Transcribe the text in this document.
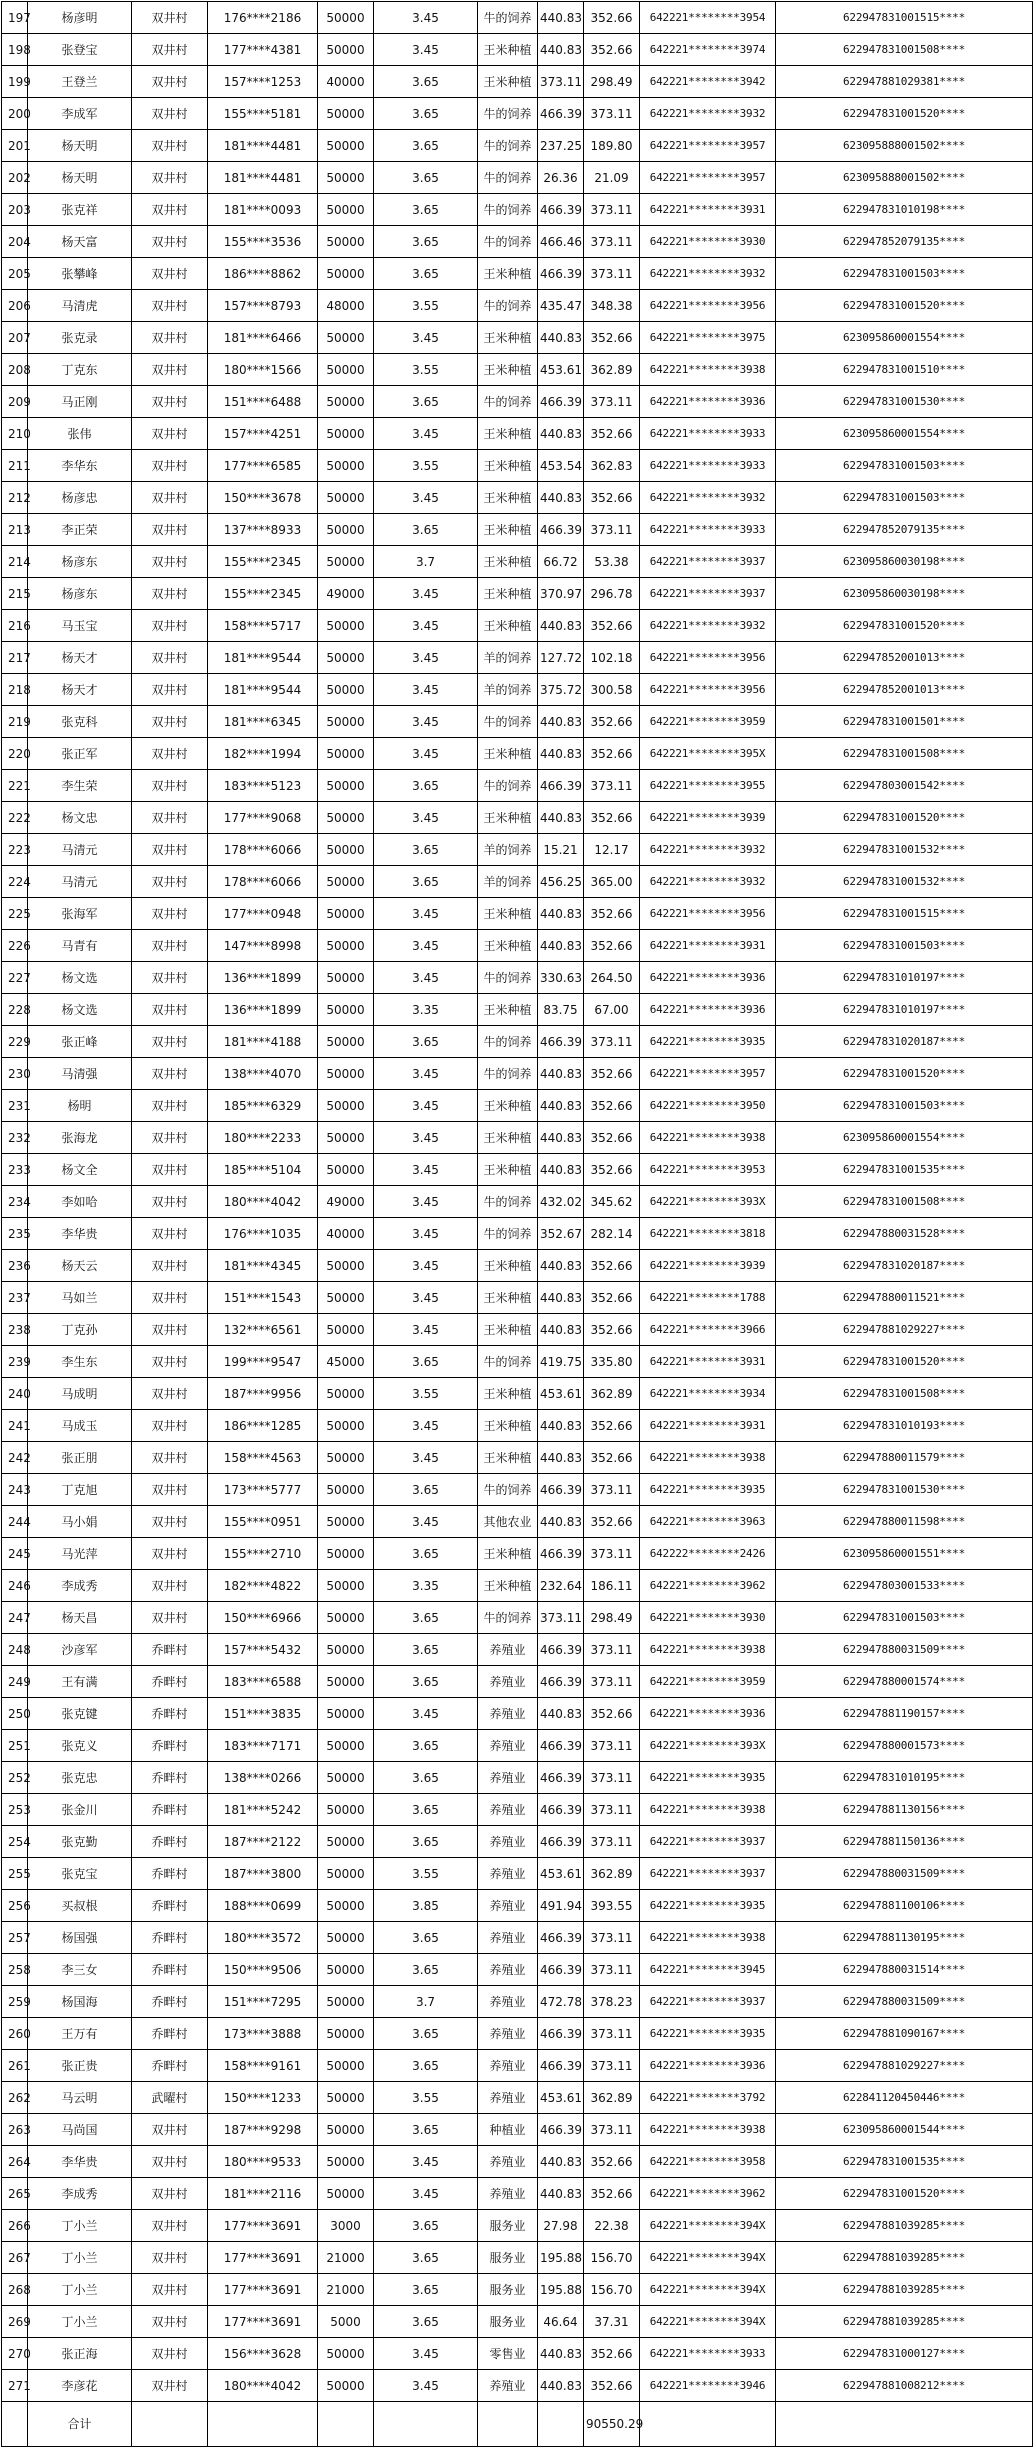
197	杨彦明	双井村	176****2186	50000	3.45	牛的饲养	440.83	352.66	642221********3954	622947831001515****
198	张登宝	双井村	177****4381	50000	3.45	王米种植	440.83	352.66	642221********3974	622947831001508****
199	王登兰	双井村	157****1253	40000	3.65	王米种植	373.11	298.49	642221********3942	622947881029381****
200	李成军	双井村	155****5181	50000	3.65	牛的饲养	466.39	373.11	642221********3932	622947831001520****
201	杨天明	双井村	181****4481	50000	3.65	牛的饲养	237.25	189.80	642221********3957	623095888001502****
202	杨天明	双井村	181****4481	50000	3.65	牛的饲养	26.36	21.09	642221********3957	623095888001502****
203	张克祥	双井村	181****0093	50000	3.65	牛的饲养	466.39	373.11	642221********3931	622947831010198****
204	杨天富	双井村	155****3536	50000	3.65	牛的饲养	466.46	373.11	642221********3930	622947852079135****
205	张攀峰	双井村	186****8862	50000	3.65	王米种植	466.39	373.11	642221********3932	622947831001503****
206	马清虎	双井村	157****8793	48000	3.55	牛的饲养	435.47	348.38	642221********3956	622947831001520****
207	张克录	双井村	181****6466	50000	3.45	王米种植	440.83	352.66	642221********3975	623095860001554****
208	丁克东	双井村	180****1566	50000	3.55	王米种植	453.61	362.89	642221********3938	622947831001510****
209	马正刚	双井村	151****6488	50000	3.65	牛的饲养	466.39	373.11	642221********3936	622947831001530****
210	张伟	双井村	157****4251	50000	3.45	王米种植	440.83	352.66	642221********3933	623095860001554****
211	李华东	双井村	177****6585	50000	3.55	王米种植	453.54	362.83	642221********3933	622947831001503****
212	杨彦忠	双井村	150****3678	50000	3.45	王米种植	440.83	352.66	642221********3932	622947831001503****
213	李正荣	双井村	137****8933	50000	3.65	王米种植	466.39	373.11	642221********3933	622947852079135****
214	杨彦东	双井村	155****2345	50000	3.7	王米种植	66.72	53.38	642221********3937	623095860030198****
215	杨彦东	双井村	155****2345	49000	3.45	王米种植	370.97	296.78	642221********3937	623095860030198****
216	马玉宝	双井村	158****5717	50000	3.45	王米种植	440.83	352.66	642221********3932	622947831001520****
217	杨天才	双井村	181****9544	50000	3.45	羊的饲养	127.72	102.18	642221********3956	622947852001013****
218	杨天才	双井村	181****9544	50000	3.45	羊的饲养	375.72	300.58	642221********3956	622947852001013****
219	张克科	双井村	181****6345	50000	3.45	牛的饲养	440.83	352.66	642221********3959	622947831001501****
220	张正军	双井村	182****1994	50000	3.45	王米种植	440.83	352.66	642221********395X	622947831001508****
221	李生荣	双井村	183****5123	50000	3.65	牛的饲养	466.39	373.11	642221********3955	622947803001542****
222	杨文忠	双井村	177****9068	50000	3.45	王米种植	440.83	352.66	642221********3939	622947831001520****
223	马清元	双井村	178****6066	50000	3.65	羊的饲养	15.21	12.17	642221********3932	622947831001532****
224	马清元	双井村	178****6066	50000	3.65	羊的饲养	456.25	365.00	642221********3932	622947831001532****
225	张海军	双井村	177****0948	50000	3.45	王米种植	440.83	352.66	642221********3956	622947831001515****
226	马青有	双井村	147****8998	50000	3.45	王米种植	440.83	352.66	642221********3931	622947831001503****
227	杨文选	双井村	136****1899	50000	3.45	牛的饲养	330.63	264.50	642221********3936	622947831010197****
228	杨文选	双井村	136****1899	50000	3.35	王米种植	83.75	67.00	642221********3936	622947831010197****
229	张正峰	双井村	181****4188	50000	3.65	牛的饲养	466.39	373.11	642221********3935	622947831020187****
230	马清强	双井村	138****4070	50000	3.45	牛的饲养	440.83	352.66	642221********3957	622947831001520****
231	杨明	双井村	185****6329	50000	3.45	王米种植	440.83	352.66	642221********3950	622947831001503****
232	张海龙	双井村	180****2233	50000	3.45	王米种植	440.83	352.66	642221********3938	623095860001554****
233	杨文全	双井村	185****5104	50000	3.45	王米种植	440.83	352.66	642221********3953	622947831001535****
234	李如哈	双井村	180****4042	49000	3.45	牛的饲养	432.02	345.62	642221********393X	622947831001508****
235	李华贵	双井村	176****1035	40000	3.45	牛的饲养	352.67	282.14	642221********3818	622947880031528****
236	杨天云	双井村	181****4345	50000	3.45	王米种植	440.83	352.66	642221********3939	622947831020187****
237	马如兰	双井村	151****1543	50000	3.45	王米种植	440.83	352.66	642221********1788	622947880011521****
238	丁克孙	双井村	132****6561	50000	3.45	王米种植	440.83	352.66	642221********3966	622947881029227****
239	李生东	双井村	199****9547	45000	3.65	牛的饲养	419.75	335.80	642221********3931	622947831001520****
240	马成明	双井村	187****9956	50000	3.55	王米种植	453.61	362.89	642221********3934	622947831001508****
241	马成玉	双井村	186****1285	50000	3.45	王米种植	440.83	352.66	642221********3931	622947831010193****
242	张正朋	双井村	158****4563	50000	3.45	王米种植	440.83	352.66	642221********3938	622947880011579****
243	丁克旭	双井村	173****5777	50000	3.65	牛的饲养	466.39	373.11	642221********3935	622947831001530****
244	马小娟	双井村	155****0951	50000	3.45	其他农业	440.83	352.66	642221********3963	622947880011598****
245	马光萍	双井村	155****2710	50000	3.65	王米种植	466.39	373.11	642222********2426	623095860001551****
246	李成秀	双井村	182****4822	50000	3.35	王米种植	232.64	186.11	642221********3962	622947803001533****
247	杨天昌	双井村	150****6966	50000	3.65	牛的饲养	373.11	298.49	642221********3930	622947831001503****
248	沙彦军	乔畔村	157****5432	50000	3.65	养殖业	466.39	373.11	642221********3938	622947880031509****
249	王有满	乔畔村	183****6588	50000	3.65	养殖业	466.39	373.11	642221********3959	622947880001574****
250	张克键	乔畔村	151****3835	50000	3.45	养殖业	440.83	352.66	642221********3936	622947881190157****
251	张克义	乔畔村	183****7171	50000	3.65	养殖业	466.39	373.11	642221********393X	622947880001573****
252	张克忠	乔畔村	138****0266	50000	3.65	养殖业	466.39	373.11	642221********3935	622947831010195****
253	张金川	乔畔村	181****5242	50000	3.65	养殖业	466.39	373.11	642221********3938	622947881130156****
254	张克勤	乔畔村	187****2122	50000	3.65	养殖业	466.39	373.11	642221********3937	622947881150136****
255	张克宝	乔畔村	187****3800	50000	3.55	养殖业	453.61	362.89	642221********3937	622947880031509****
256	买叔根	乔畔村	188****0699	50000	3.85	养殖业	491.94	393.55	642221********3935	622947881100106****
257	杨国强	乔畔村	180****3572	50000	3.65	养殖业	466.39	373.11	642221********3938	622947881130195****
258	李三女	乔畔村	150****9506	50000	3.65	养殖业	466.39	373.11	642221********3945	622947880031514****
259	杨国海	乔畔村	151****7295	50000	3.7	养殖业	472.78	378.23	642221********3937	622947880031509****
260	王万有	乔畔村	173****3888	50000	3.65	养殖业	466.39	373.11	642221********3935	622947881090167****
261	张正贵	乔畔村	158****9161	50000	3.65	养殖业	466.39	373.11	642221********3936	622947881029227****
262	马云明	武曜村	150****1233	50000	3.55	养殖业	453.61	362.89	642221********3792	622841120450446****
263	马尚国	双井村	187****9298	50000	3.65	种植业	466.39	373.11	642221********3938	623095860001544****
264	李华贵	双井村	180****9533	50000	3.45	养殖业	440.83	352.66	642221********3958	622947831001535****
265	李成秀	双井村	181****2116	50000	3.45	养殖业	440.83	352.66	642221********3962	622947831001520****
266	丁小兰	双井村	177****3691	3000	3.65	服务业	27.98	22.38	642221********394X	622947881039285****
267	丁小兰	双井村	177****3691	21000	3.65	服务业	195.88	156.70	642221********394X	622947881039285****
268	丁小兰	双井村	177****3691	21000	3.65	服务业	195.88	156.70	642221********394X	622947881039285****
269	丁小兰	双井村	177****3691	5000	3.65	服务业	46.64	37.31	642221********394X	622947881039285****
270	张正海	双井村	156****3628	50000	3.45	零售业	440.83	352.66	642221********3933	622947831000127****
271	李彦花	双井村	180****4042	50000	3.45	养殖业	440.83	352.66	642221********3946	622947881008212****
	合计							90550.29		
